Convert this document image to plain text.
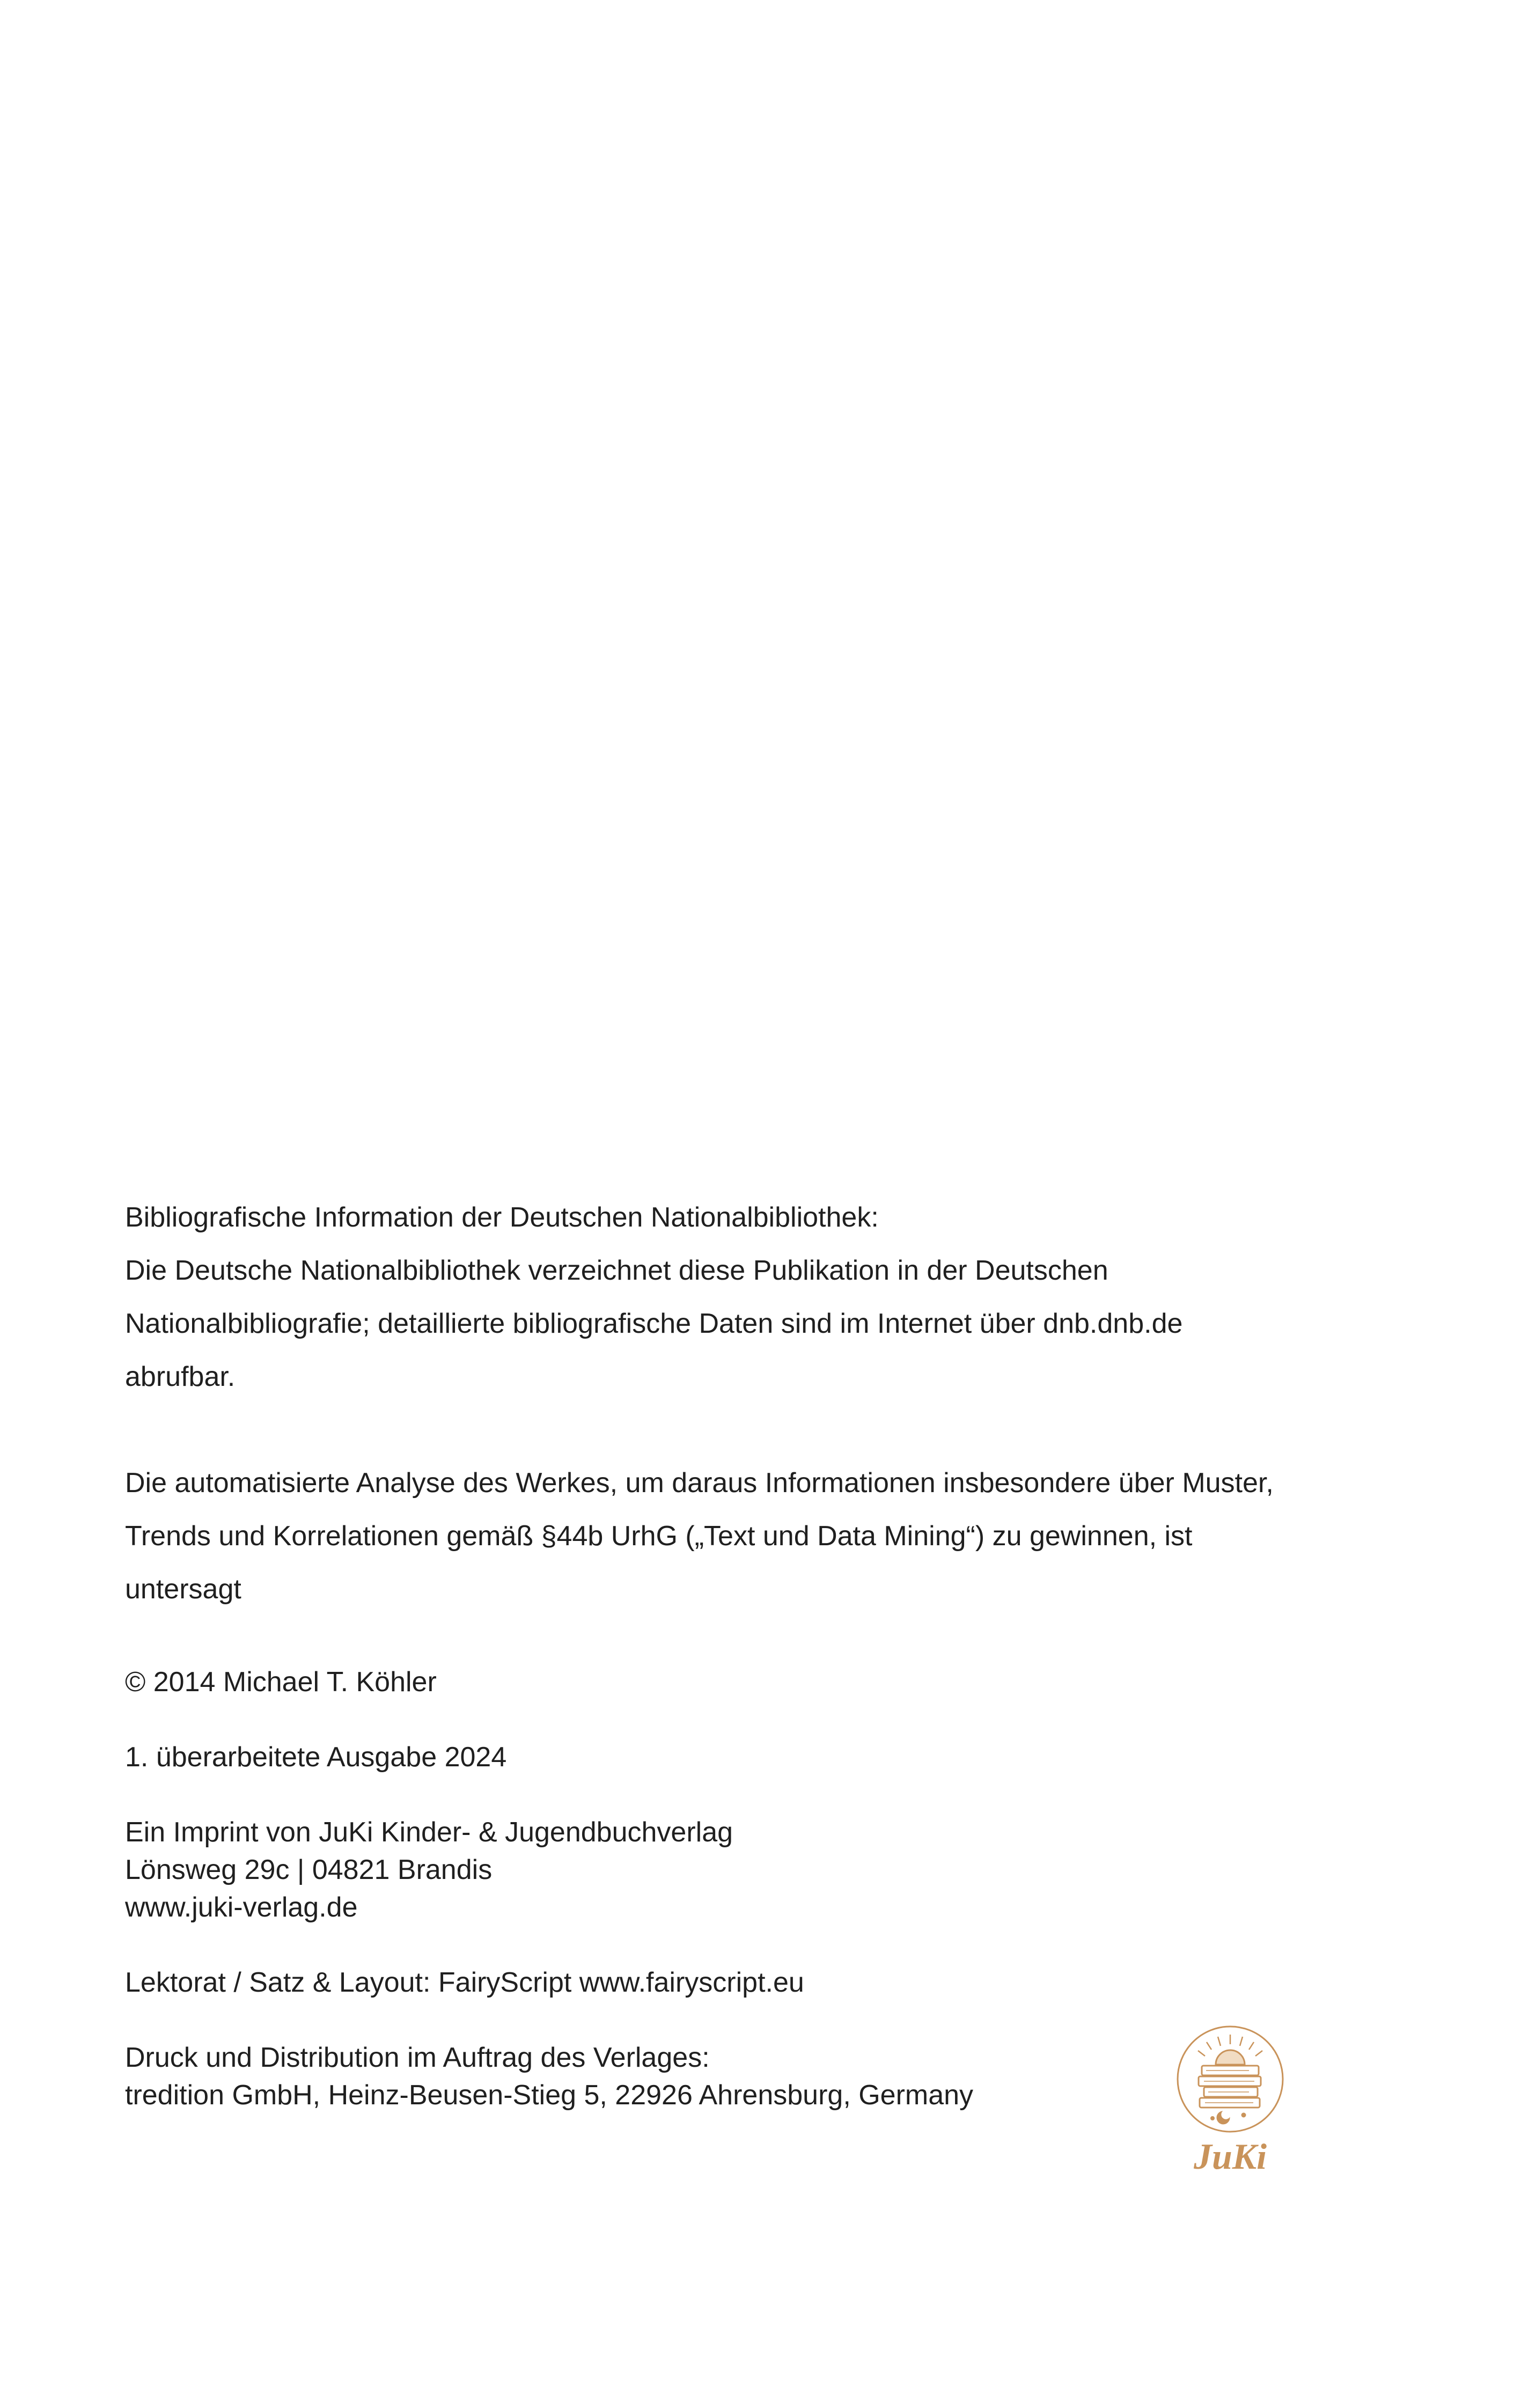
Bibliografische Information der Deutschen Nationalbibliothek:

Die Deutsche Nationalbibliothek verzeichnet diese Publikation in der Deutschen

Nationalbibliografie; detaillierte bibliografische Daten sind im Internet über dnb.dnb.de

abrufbar.

Die automatisierte Analyse des Werkes, um daraus Informationen insbesondere über Muster,

Trends und Korrelationen gemäß §44b UrhG („Text und Data Mining“) zu gewinnen, ist

untersagt

© 2014 Michael T. Köhler

1. überarbeitete Ausgabe 2024

Ein Imprint von JuKi Kinder- & Jugendbuchverlag

Lönsweg 29c | 04821 Brandis

www.juki-verlag.de

Lektorat / Satz & Layout: FairyScript www.fairyscript.eu

Druck und Distribution im Auftrag des Verlages:

tredition GmbH, Heinz-Beusen-Stieg 5, 22926 Ahrensburg, Germany

JuKi
